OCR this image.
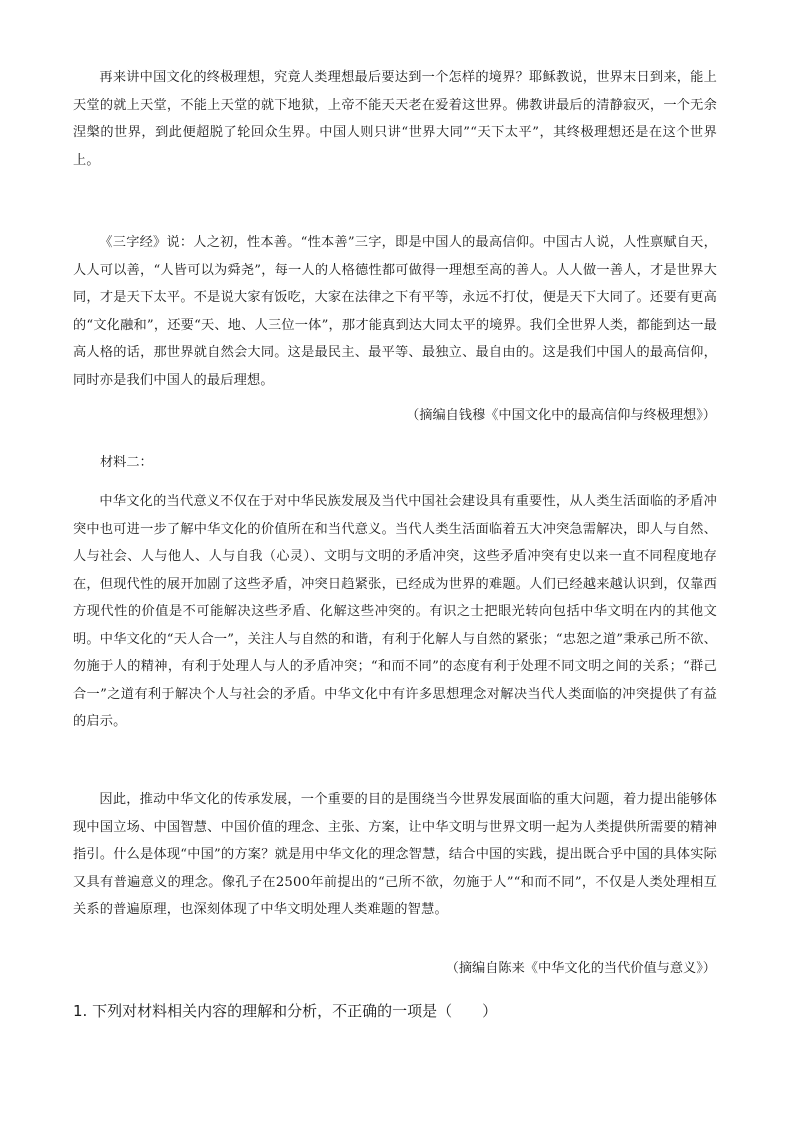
再来讲中国文化的终极理想，究竟人类理想最后要达到一个怎样的境界？耶稣教说，世界末日到来，能上天堂的就上天堂，不能上天堂的就下地狱，上帝不能天天老在爱着这世界。佛教讲最后的清静寂灭，一个无余涅槃的世界，到此便超脱了轮回众生界。中国人则只讲“世界大同”“天下太平”，其终极理想还是在这个世界上。

《三字经》说：人之初，性本善。“性本善”三字，即是中国人的最高信仰。中国古人说，人性禀赋自天，人人可以善，“人皆可以为舜尧”，每一人的人格德性都可做得一理想至高的善人。人人做一善人，才是世界大同，才是天下太平。不是说大家有饭吃，大家在法律之下有平等，永远不打仗，便是天下大同了。还要有更高的“文化融和”，还要“天、地、人三位一体”，那才能真到达大同太平的境界。我们全世界人类，都能到达一最高人格的话，那世界就自然会大同。这是最民主、最平等、最独立、最自由的。这是我们中国人的最高信仰，同时亦是我们中国人的最后理想。

（摘编自钱穆《中国文化中的最高信仰与终极理想》）

材料二：

中华文化的当代意义不仅在于对中华民族发展及当代中国社会建设具有重要性，从人类生活面临的矛盾冲突中也可进一步了解中华文化的价值所在和当代意义。当代人类生活面临着五大冲突急需解决，即人与自然、人与社会、人与他人、人与自我（心灵）、文明与文明的矛盾冲突，这些矛盾冲突有史以来一直不同程度地存在，但现代性的展开加剧了这些矛盾，冲突日趋紧张，已经成为世界的难题。人们已经越来越认识到，仅靠西方现代性的价值是不可能解决这些矛盾、化解这些冲突的。有识之士把眼光转向包括中华文明在内的其他文明。中华文化的“天人合一”，关注人与自然的和谐，有利于化解人与自然的紧张；“忠恕之道”秉承己所不欲、勿施于人的精神，有利于处理人与人的矛盾冲突；“和而不同”的态度有利于处理不同文明之间的关系；“群己合一”之道有利于解决个人与社会的矛盾。中华文化中有许多思想理念对解决当代人类面临的冲突提供了有益的启示。

因此，推动中华文化的传承发展，一个重要的目的是围绕当今世界发展面临的重大问题，着力提出能够体现中国立场、中国智慧、中国价值的理念、主张、方案，让中华文明与世界文明一起为人类提供所需要的精神指引。什么是体现“中国”的方案？就是用中华文化的理念智慧，结合中国的实践，提出既合乎中国的具体实际又具有普遍意义的理念。像孔子在2500年前提出的“己所不欲，勿施于人”“和而不同”，不仅是人类处理相互关系的普遍原理，也深刻体现了中华文明处理人类难题的智慧。

（摘编自陈来《中华文化的当代价值与意义》）

1. 下列对材料相关内容的理解和分析，不正确的一项是（　　）
